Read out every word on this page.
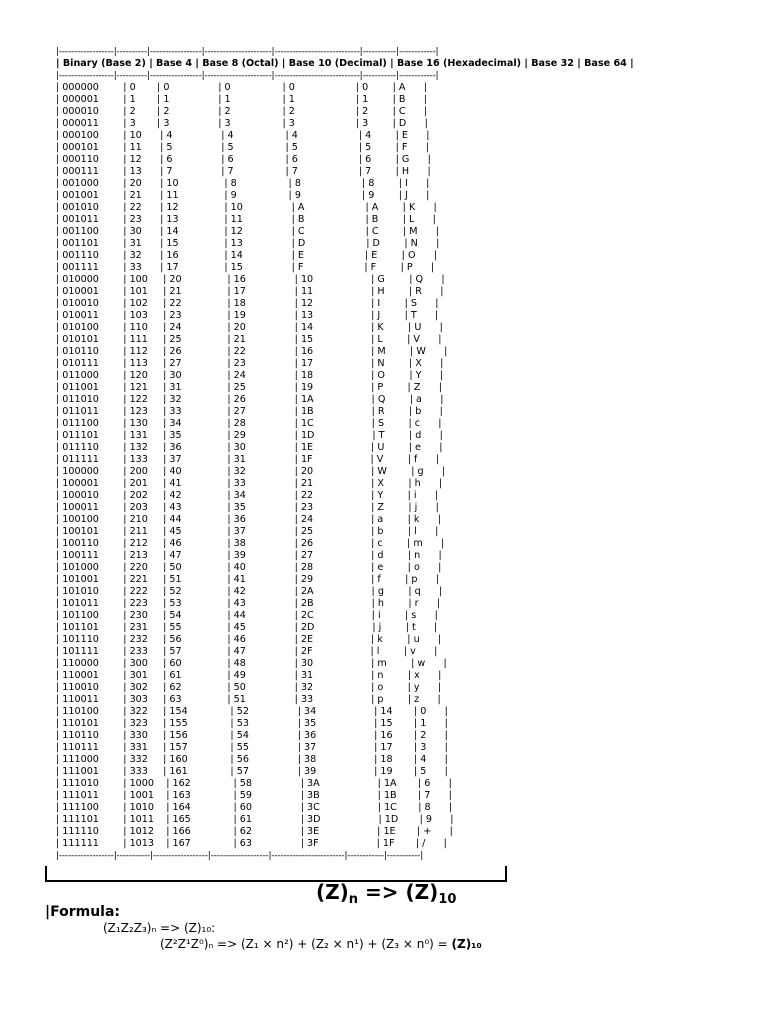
|------------------|----------|-----------------|----------------------|----------------------------|-----------|------------|
| Binary (Base 2) | Base 4 | Base 8 (Octal) | Base 10 (Decimal) | Base 16 (Hexadecimal) | Base 32 | Base 64 |
|------------------|----------|-----------------|----------------------|----------------------------|-----------|------------|
| 000000        | 0       | 0                | 0                 | 0                    | 0        | A      |
| 000001        | 1       | 1                | 1                 | 1                    | 1        | B      |
| 000010        | 2       | 2                | 2                 | 2                    | 2        | C      |
| 000011        | 3       | 3                | 3                 | 3                    | 3        | D      |
| 000100        | 10      | 4                | 4                 | 4                    | 4        | E      |
| 000101        | 11      | 5                | 5                 | 5                    | 5        | F      |
| 000110        | 12      | 6                | 6                 | 6                    | 6        | G      |
| 000111        | 13      | 7                | 7                 | 7                    | 7        | H      |
| 001000        | 20      | 10               | 8                 | 8                    | 8        | I      |
| 001001        | 21      | 11               | 9                 | 9                    | 9        | J      |
| 001010        | 22      | 12               | 10                | A                    | A        | K      |
| 001011        | 23      | 13               | 11                | B                    | B        | L      |
| 001100        | 30      | 14               | 12                | C                    | C        | M      |
| 001101        | 31      | 15               | 13                | D                    | D        | N      |
| 001110        | 32      | 16               | 14                | E                    | E        | O      |
| 001111        | 33      | 17               | 15                | F                    | F        | P      |
| 010000        | 100     | 20               | 16                | 10                   | G        | Q      |
| 010001        | 101     | 21               | 17                | 11                   | H        | R      |
| 010010        | 102     | 22               | 18                | 12                   | I        | S      |
| 010011        | 103     | 23               | 19                | 13                   | J        | T      |
| 010100        | 110     | 24               | 20                | 14                   | K        | U      |
| 010101        | 111     | 25               | 21                | 15                   | L        | V      |
| 010110        | 112     | 26               | 22                | 16                   | M        | W      |
| 010111        | 113     | 27               | 23                | 17                   | N        | X      |
| 011000        | 120     | 30               | 24                | 18                   | O        | Y      |
| 011001        | 121     | 31               | 25                | 19                   | P        | Z      |
| 011010        | 122     | 32               | 26                | 1A                   | Q        | a      |
| 011011        | 123     | 33               | 27                | 1B                   | R        | b      |
| 011100        | 130     | 34               | 28                | 1C                   | S        | c      |
| 011101        | 131     | 35               | 29                | 1D                   | T        | d      |
| 011110        | 132     | 36               | 30                | 1E                   | U        | e      |
| 011111        | 133     | 37               | 31                | 1F                   | V        | f      |
| 100000        | 200     | 40               | 32                | 20                   | W        | g      |
| 100001        | 201     | 41               | 33                | 21                   | X        | h      |
| 100010        | 202     | 42               | 34                | 22                   | Y        | i      |
| 100011        | 203     | 43               | 35                | 23                   | Z        | j      |
| 100100        | 210     | 44               | 36                | 24                   | a        | k      |
| 100101        | 211     | 45               | 37                | 25                   | b        | l      |
| 100110        | 212     | 46               | 38                | 26                   | c        | m      |
| 100111        | 213     | 47               | 39                | 27                   | d        | n      |
| 101000        | 220     | 50               | 40                | 28                   | e        | o      |
| 101001        | 221     | 51               | 41                | 29                   | f        | p      |
| 101010        | 222     | 52               | 42                | 2A                   | g        | q      |
| 101011        | 223     | 53               | 43                | 2B                   | h        | r      |
| 101100        | 230     | 54               | 44                | 2C                   | i        | s      |
| 101101        | 231     | 55               | 45                | 2D                   | j        | t      |
| 101110        | 232     | 56               | 46                | 2E                   | k        | u      |
| 101111        | 233     | 57               | 47                | 2F                   | l        | v      |
| 110000        | 300     | 60               | 48                | 30                   | m        | w      |
| 110001        | 301     | 61               | 49                | 31                   | n        | x      |
| 110010        | 302     | 62               | 50                | 32                   | o        | y      |
| 110011        | 303     | 63               | 51                | 33                   | p        | z      |
| 110100        | 322     | 154              | 52                | 34                   | 14       | 0      |
| 110101        | 323     | 155              | 53                | 35                   | 15       | 1      |
| 110110        | 330     | 156              | 54                | 36                   | 16       | 2      |
| 110111        | 331     | 157              | 55                | 37                   | 17       | 3      |
| 111000        | 332     | 160              | 56                | 38                   | 18       | 4      |
| 111001        | 333     | 161              | 57                | 39                   | 19       | 5      |
| 111010        | 1000    | 162              | 58                | 3A                   | 1A       | 6      |
| 111011        | 1001    | 163              | 59                | 3B                   | 1B       | 7      |
| 111100        | 1010    | 164              | 60                | 3C                   | 1C       | 8      |
| 111101        | 1011    | 165              | 61                | 3D                   | 1D       | 9      |
| 111110        | 1012    | 166              | 62                | 3E                   | 1E       | +      |
| 111111        | 1013    | 167              | 63                | 3F                   | 1F       | /      |
|------------------|-----------|------------------|-------------------|------------------------|------------|-----------|
$(Z)_n => (Z)_{10}$
|Formula:
(Z₁Z₂Z₃)ₙ => (Z)₁₀:
(Z²Z¹Z⁰)ₙ => (Z₁ × n²) + (Z₂ × n¹) + (Z₃ × n⁰) = (Z)₁₀
